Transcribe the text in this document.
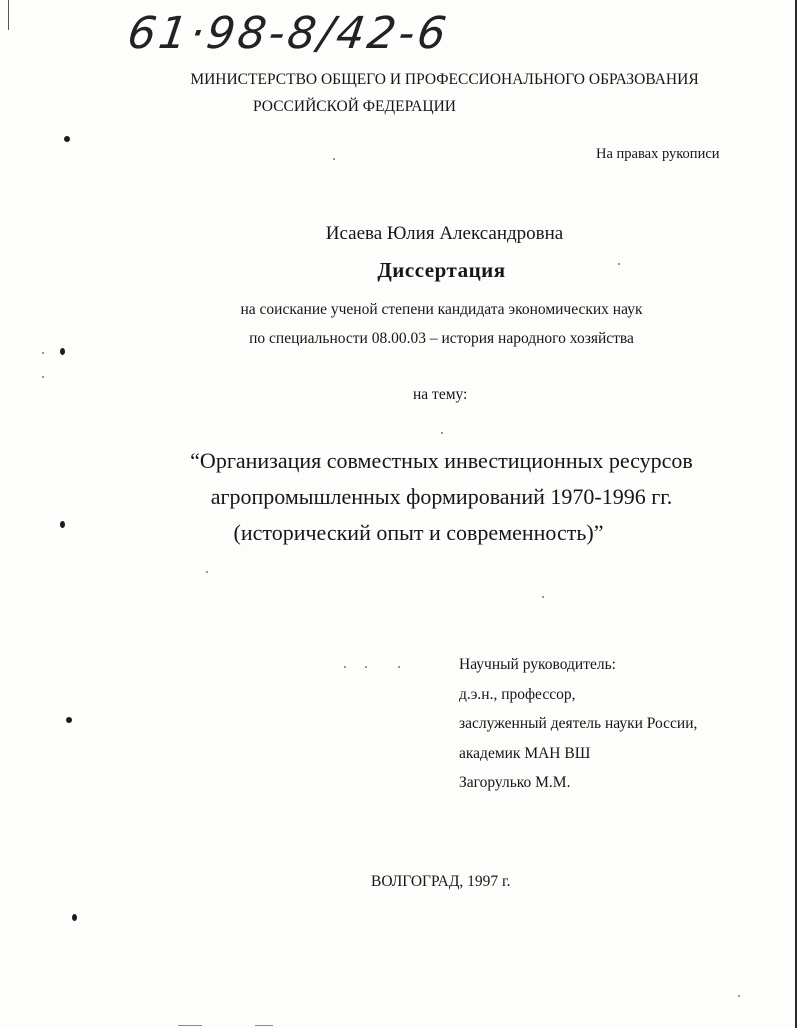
61·98-8/42-6
МИНИСТЕРСТВО ОБЩЕГО И ПРОФЕССИОНАЛЬНОГО ОБРАЗОВАНИЯ
РОССИЙСКОЙ ФЕДЕРАЦИИ
На правах рукописи
Исаева Юлия Александровна
Диссертация
на соискание ученой степени кандидата экономических наук
по специальности 08.00.03 – история народного хозяйства
на тему:
“Организация совместных инвестиционных ресурсов
агропромышленных формирований 1970-1996 гг.
(исторический опыт и современность)”
Научный руководитель:
д.э.н., профессор,
заслуженный деятель науки России,
академик МАН ВШ
Загорулько М.М.
ВОЛГОГРАД, 1997 г.
